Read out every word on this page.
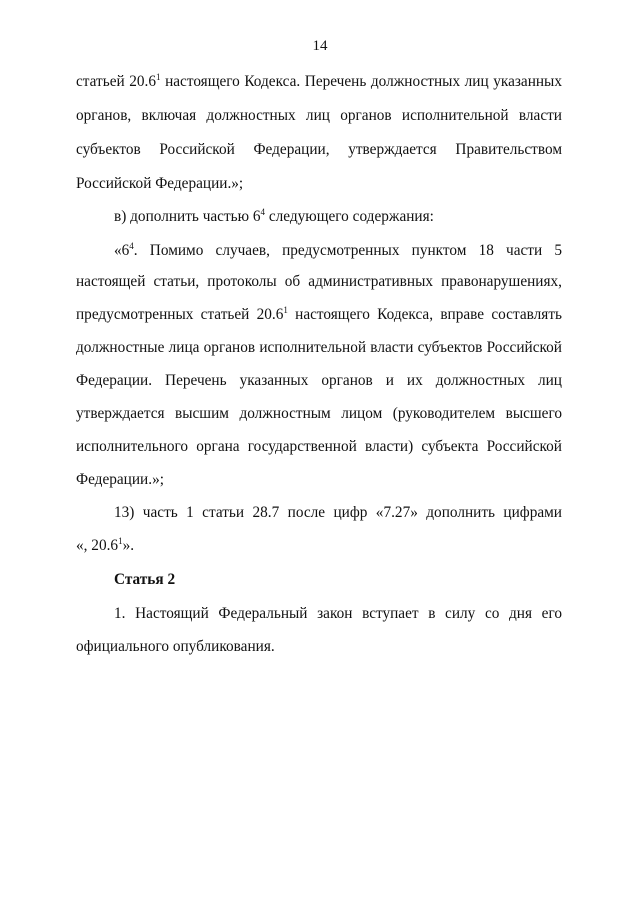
14
статьей 20.6$^1$ настоящего Кодекса. Перечень должностных лиц указанных
органов, включая должностных лиц органов исполнительной власти
субъектов Российской Федерации, утверждается Правительством
Российской Федерации.»;
в) дополнить частью $6^4$ следующего содержания:
«$6^4$. Помимо случаев, предусмотренных пунктом 18 части 5
настоящей статьи, протоколы об административных правонарушениях,
предусмотренных статьей 20.6$^1$ настоящего Кодекса, вправе составлять
должностные лица органов исполнительной власти субъектов Российской
Федерации. Перечень указанных органов и их должностных лиц
утверждается высшим должностным лицом (руководителем высшего
исполнительного органа государственной власти) субъекта Российской
Федерации.»;
13) часть 1 статьи 28.7 после цифр «7.27» дополнить цифрами
«, 20.6$^1$».
Статья 2
1. Настоящий Федеральный закон вступает в силу со дня его
официального опубликования.
